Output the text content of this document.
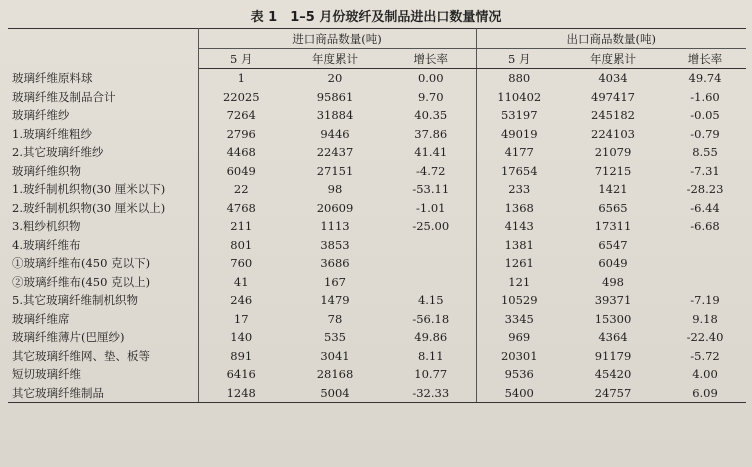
表 1　1–5 月份玻纤及制品进出口数量情况
	进口商品数量(吨)			出口商品数量(吨)		
	5 月	年度累计	增长率	5 月	年度累计	增长率
玻璃纤维原料球	1	20	0.00	880	4034	49.74
玻璃纤维及制品合计	22025	95861	9.70	110402	497417	-1.60
玻璃纤维纱	7264	31884	40.35	53197	245182	-0.05
1.玻璃纤维粗纱	2796	9446	37.86	49019	224103	-0.79
2.其它玻璃纤维纱	4468	22437	41.41	4177	21079	8.55
玻璃纤维织物	6049	27151	-4.72	17654	71215	-7.31
1.玻纤制机织物(30 厘米以下)	22	98	-53.11	233	1421	-28.23
2.玻纤制机织物(30 厘米以上)	4768	20609	-1.01	1368	6565	-6.44
3.粗纱机织物	211	1113	-25.00	4143	17311	-6.68
4.玻璃纤维布	801	3853		1381	6547	
①玻璃纤维布(450 克以下)	760	3686		1261	6049	
②玻璃纤维布(450 克以上)	41	167		121	498	
5.其它玻璃纤维制机织物	246	1479	4.15	10529	39371	-7.19
玻璃纤维席	17	78	-56.18	3345	15300	9.18
玻璃纤维薄片(巴厘纱)	140	535	49.86	969	4364	-22.40
其它玻璃纤维网、垫、板等	891	3041	8.11	20301	91179	-5.72
短切玻璃纤维	6416	28168	10.77	9536	45420	4.00
其它玻璃纤维制品	1248	5004	-32.33	5400	24757	6.09
